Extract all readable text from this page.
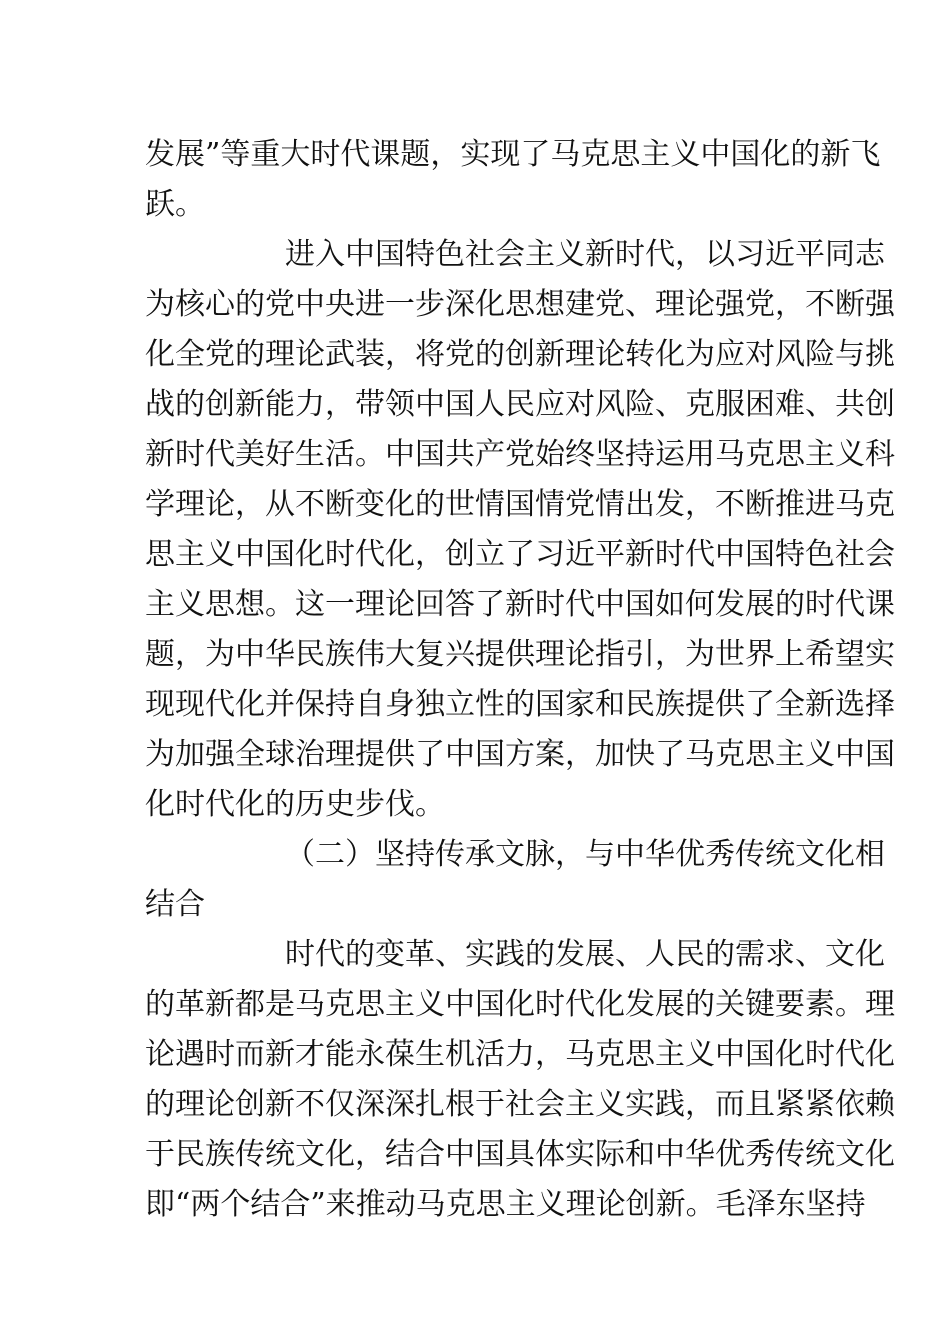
发展”等重大时代课题，实现了马克思主义中国化的新飞
跃。
进入中国特色社会主义新时代，以习近平同志
为核心的党中央进一步深化思想建党、理论强党，不断强
化全党的理论武装，将党的创新理论转化为应对风险与挑
战的创新能力，带领中国人民应对风险、克服困难、共创
新时代美好生活。中国共产党始终坚持运用马克思主义科
学理论，从不断变化的世情国情党情出发，不断推进马克
思主义中国化时代化，创立了习近平新时代中国特色社会
主义思想。这一理论回答了新时代中国如何发展的时代课
题，为中华民族伟大复兴提供理论指引，为世界上希望实
现现代化并保持自身独立性的国家和民族提供了全新选择
为加强全球治理提供了中国方案，加快了马克思主义中国
化时代化的历史步伐。
（二）坚持传承文脉，与中华优秀传统文化相
结合
时代的变革、实践的发展、人民的需求、文化
的革新都是马克思主义中国化时代化发展的关键要素。理
论遇时而新才能永葆生机活力，马克思主义中国化时代化
的理论创新不仅深深扎根于社会主义实践，而且紧紧依赖
于民族传统文化，结合中国具体实际和中华优秀传统文化
即“两个结合”来推动马克思主义理论创新。毛泽东坚持
